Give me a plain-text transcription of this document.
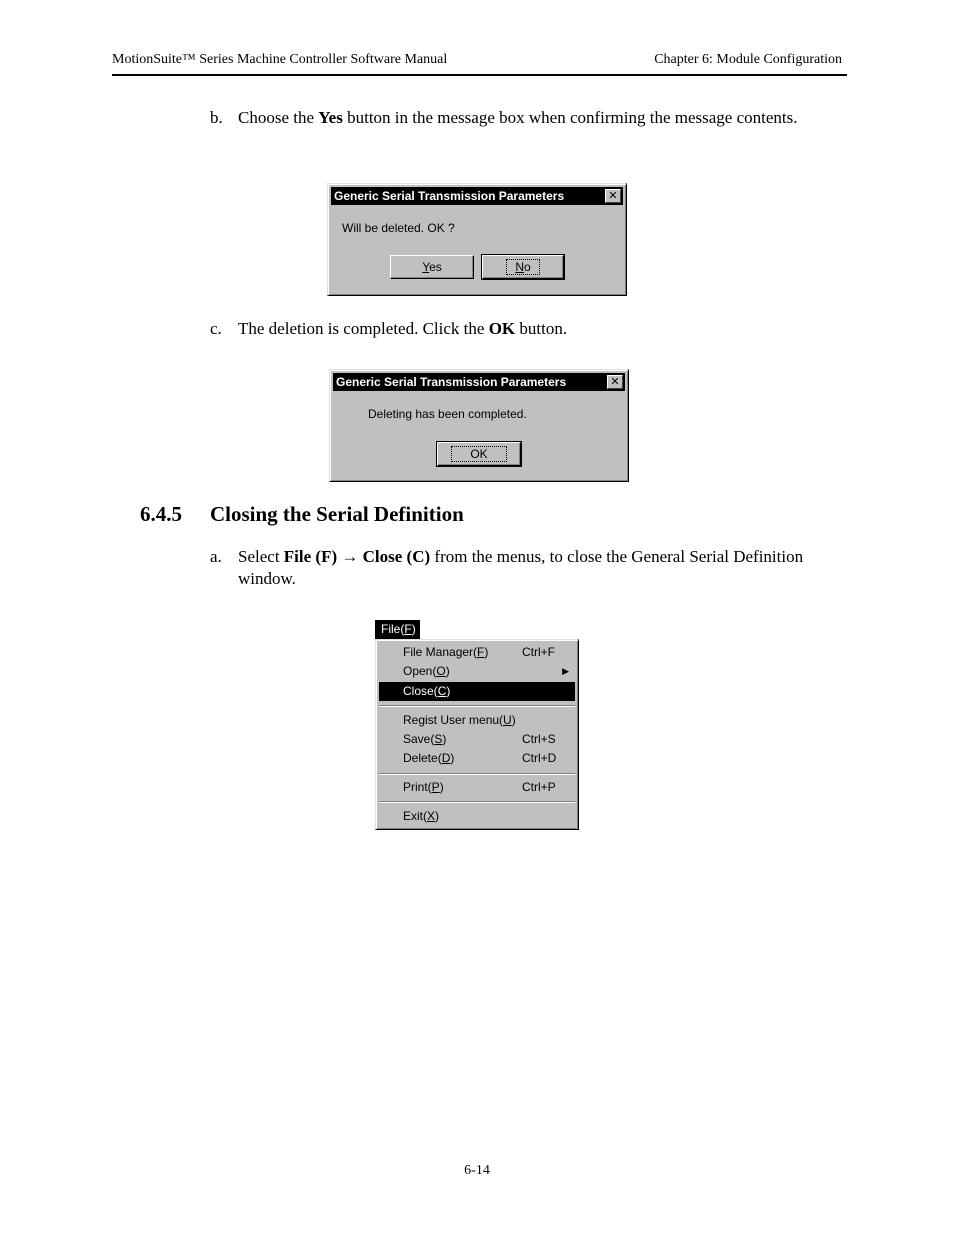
MotionSuite™ Series Machine Controller Software Manual	Chapter 6: Module Configuration
b. Choose the Yes button in the message box when confirming the message contents.
Generic Serial Transmission Parameters	✕
Will be deleted. OK ?
Yes	No
c. The deletion is completed. Click the OK button.
Generic Serial Transmission Parameters	✕
Deleting has been completed.
OK
6.4.5 Closing the Serial Definition
a. Select File (F) → Close (C) from the menus, to close the General Serial Definition window.
File(F)
File Manager(F)	Ctrl+F
Open(O)	▶
Close(C)
Regist User menu(U)
Save(S)	Ctrl+S
Delete(D)	Ctrl+D
Print(P)	Ctrl+P
Exit(X)
6-14
